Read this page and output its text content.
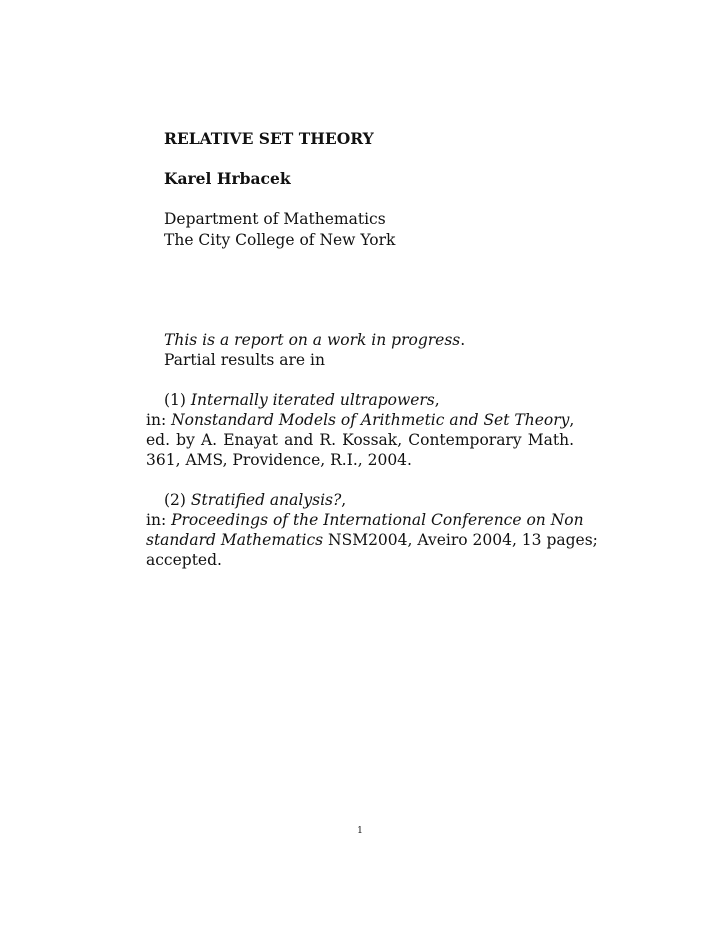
RELATIVE SET THEORY
Karel Hrbacek
Department of Mathematics
The City College of New York
This is a report on a work in progress.
Partial results are in
(1) Internally iterated ultrapowers,
in: Nonstandard Models of Arithmetic and Set Theory,
ed. by A. Enayat and R. Kossak, Contemporary Math.
361, AMS, Providence, R.I., 2004.
(2) Stratified analysis?,
in: Proceedings of the International Conference on Non
standard Mathematics NSM2004, Aveiro 2004, 13 pages;
accepted.
1
